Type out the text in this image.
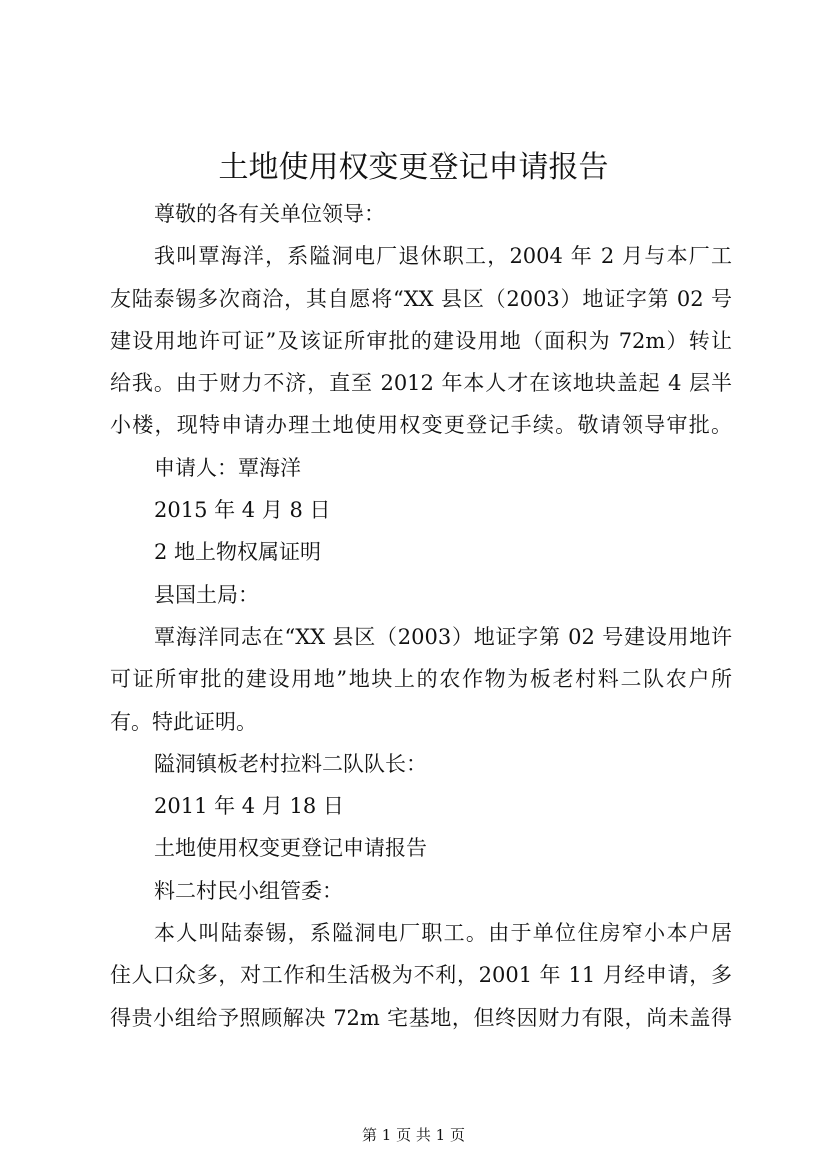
土地使用权变更登记申请报告
尊敬的各有关单位领导：
我叫覃海洋，系隘洞电厂退休职工，2004 年 2 月与本厂工
友陆泰锡多次商洽，其自愿将“XX 县区（2003）地证字第 02 号
建设用地许可证”及该证所审批的建设用地（面积为 72m）转让
给我。由于财力不济，直至 2012 年本人才在该地块盖起 4 层半
小楼，现特申请办理土地使用权变更登记手续。敬请领导审批。
申请人：覃海洋
2015 年 4 月 8 日
2 地上物权属证明
县国土局：
覃海洋同志在“XX 县区（2003）地证字第 02 号建设用地许
可证所审批的建设用地”地块上的农作物为板老村料二队农户所
有。特此证明。
隘洞镇板老村拉料二队队长：
2011 年 4 月 18 日
土地使用权变更登记申请报告
料二村民小组管委：
本人叫陆泰锡，系隘洞电厂职工。由于单位住房窄小本户居
住人口众多，对工作和生活极为不利，2001 年 11 月经申请，多
得贵小组给予照顾解决 72m 宅基地，但终因财力有限，尚未盖得
第 1 页 共 1 页
